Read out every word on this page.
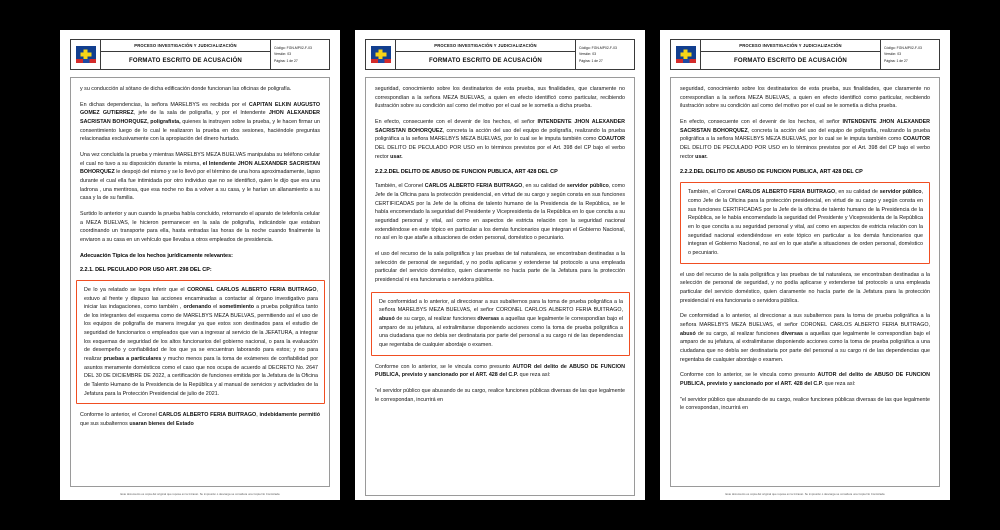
PROCESO INVESTIGACIÓN Y JUDICIALIZACIÓN
FORMATO ESCRITO DE ACUSACIÓN
Código: FGN-MP02-F-03
Versión: 03
Página: 1 de 27

y su conducción al sótano de dicha edificación donde funcionan las oficinas de poligrafía.

En dichas dependencias, la señora MARELBYS es recibida por el CAPITAN ELKIN AUGUSTO GOMEZ GUTIERREZ, jefe de la sala de poligrafía, y por el Intendente JHON ALEXANDER SACRISTAN BOHORQUEZ, poligrafista, quienes la instruyen sobre la prueba, y le hacen firmar un consentimiento luego de lo cual le realizaron la prueba en dos sesiones, haciéndole preguntas relacionadas exclusivamente con la apropiación del dinero hurtado.

Una vez concluida la prueba y mientras MARELBYS MEZA BUELVAS manipulaba su teléfono celular el cual no tuvo a su disposición durante la misma, el Intendente JHON ALEXANDER SACRISTAN BOHORQUEZ le despojó del mismo y se lo llevó por el término de una hora aproximadamente, lapso durante el cual ella fue intimidada por otro individuo que no se identificó, quien le dijo que era una ladrona , una mentirosa, que esa noche no iba a volver a su casa, y le harían un allanamiento a su casa y la de su familia.

Surtido lo anterior y aun cuando la prueba había concluido, retornando el aparato de telefonía celular a MEZA BUELVAS, le hicieron permanecer en la sala de poligrafía, indicándole que estaban coordinando un transporte para ella, hasta entradas las horas de la noche cuando finalmente la enviaron a su casa en un vehículo que llevaba a otros empleados de presidencia.

Adecuación Típica de los hechos jurídicamente relevantes:

2.2.1. DEL PECULADO POR USO ART. 298 DEL CP:

De lo ya relatado se logra inferir que el CORONEL CARLOS ALBERTO FERIA BUITRAGO, estuvo al frente y dispuso las acciones encaminadas a contactar al órgano investigativo para iniciar las indagaciones, como también , ordenando el sometimiento a prueba poligráfica tanto de los integrantes del esquema como de MARELBYS MEZA BUELVAS, permitiendo así el uso de los equipos de poligrafía de manera irregular ya que estos son destinados para el estudio de seguridad de funcionarios o empleados que van a ingresar al servicio de la JEFATURA, a integrar los esquemas de seguridad de los altos funcionarios del gobierno nacional, o para la evaluación de desempeño y confiabilidad de los que ya se encuentran laborando para estos; y no para realizar pruebas a particulares y mucho menos para la toma de exámenes de confiabilidad por asuntos meramente domésticos como el caso que nos ocupa de acuerdo al DECRETO No. 2647 DEL 30 DE DICIEMBRE DE 2022, a certificación de funciones emitida por la Jefatura de la Oficina de Talento Humano de la Presidencia de la República y al manual de servicios y actividades de la Jefatura para la Protección Presidencial de julio de 2021.

Conforme lo anterior, el Coronel CARLOS ALBERTO FERIA BUITRAGO, indebidamente permitió que sus subalternos usaran bienes del Estado

Este documento es copia del original que reposa en la Intranet. Su impresión o descarga se considera una Copia No Controlada
PROCESO INVESTIGACIÓN Y JUDICIALIZACIÓN
FORMATO ESCRITO DE ACUSACIÓN
Código: FGN-MP02-F-03
Versión: 03
Página: 1 de 27

seguridad, conocimiento sobre los destinatarios de esta prueba, sus finalidades, que claramente no correspondían a la señora MEZA BUELVAS, a quien en efecto identificó como particular, recibiendo ilustración sobre su condición así como del motivo por el cual se le sometía a dicha prueba.

En efecto, consecuente con el devenir de los hechos, el señor INTENDENTE JHON ALEXANDER SACRISTAN BOHORQUEZ, concreta la acción del uso del equipo de poligrafía, realizando la prueba poligráfica a la señora MARELBYS MEZA BUELVAS, por lo cual se le imputa también como COAUTOR DEL DELITO DE PECULADO POR USO en lo términos previstos por el Art. 398 del CP bajo el verbo rector usar.

2.2.2.DEL DELITO DE ABUSO DE FUNCION PUBLICA, ART 428 DEL CP

También, el Coronel CARLOS ALBERTO FERIA BUITRAGO, en su calidad de servidor público, como Jefe de la Oficina para la protección presidencial, en virtud de su cargo y según consta en sus funciones CERTIFICADAS por la Jefe de la oficina de talento humano de la Presidencia de la República, se le había encomendado la seguridad del Presidente y Vicepresidenta de la República en lo que concita a su seguridad personal y vital, así como en aspectos de estricta relación con la seguridad nacional extendiéndose en este tópico en particular a los demás funcionarios que integran el Gobierno Nacional, no así en lo que atañe a situaciones de orden personal, doméstico o pecuniario.

el uso del recurso de la sala poligráfica y las pruebas de tal naturaleza, se encontraban destinadas a la selección de personal de seguridad, y no podía aplicarse y extenderse tal protocolo a una empleada particular del servicio doméstico, quien claramente no hacía parte de la Jefatura para la protección presidencial ni era funcionaria o servidora pública.

De conformidad a lo anterior, al direccionar a sus subalternos para la toma de prueba poligráfica a la señora MARELBYS MEZA BUELVAS, el señor CORONEL CARLOS ALBERTO FERIA BUITRAGO, abusó de su cargo, al realizar funciones diversas a aquellas que legalmente le correspondían bajo el amparo de su jefatura, al extralimitarse disponiendo acciones como la toma de prueba poligráfica a una ciudadana que no debía ser destinataria por parte del personal a su cargo ni de las dependencias que regentaba de cualquier abordaje o examen.

Conforme con lo anterior, se le vincula como presunto AUTOR del delito de ABUSO DE FUNCION PUBLICA, previsto y sancionado por el ART. 428 del C.P. que reza así:

"el servidor público que abusando de su cargo, realice funciones públicas diversas de las que legalmente le correspondan, incurrirá en

PROCESO INVESTIGACIÓN Y JUDICIALIZACIÓN
FORMATO ESCRITO DE ACUSACIÓN
Código: FGN-MP02-F-03
Versión: 03
Página: 1 de 27

seguridad, conocimiento sobre los destinatarios de esta prueba, sus finalidades, que claramente no correspondían a la señora MEZA BUELVAS, a quien en efecto identificó como particular, recibiendo ilustración sobre su condición así como del motivo por el cual se le sometía a dicha prueba.

En efecto, consecuente con el devenir de los hechos, el señor INTENDENTE JHON ALEXANDER SACRISTAN BOHORQUEZ, concreta la acción del uso del equipo de poligrafía, realizando la prueba poligráfica a la señora MARELBYS MEZA BUELVAS, por lo cual se le imputa también como COAUTOR DEL DELITO DE PECULADO POR USO en lo términos previstos por el Art. 398 del CP bajo el verbo rector usar.

2.2.2.DEL DELITO DE ABUSO DE FUNCION PUBLICA, ART 428 DEL CP

También, el Coronel CARLOS ALBERTO FERIA BUITRAGO, en su calidad de servidor público, como Jefe de la Oficina para la protección presidencial, en virtud de su cargo y según consta en sus funciones CERTIFICADAS por la Jefe de la oficina de talento humano de la Presidencia de la República, se le había encomendado la seguridad del Presidente y Vicepresidenta de la República en lo que concita a su seguridad personal y vital, así como en aspectos de estricta relación con la seguridad nacional extendiéndose en este tópico en particular a los demás funcionarios que integran el Gobierno Nacional, no así en lo que atañe a situaciones de orden personal, doméstico o pecuniario.

el uso del recurso de la sala poligráfica y las pruebas de tal naturaleza, se encontraban destinadas a la selección de personal de seguridad, y no podía aplicarse y extenderse tal protocolo a una empleada particular del servicio doméstico, quien claramente no hacía parte de la Jefatura para la protección presidencial ni era funcionaria o servidora pública.

De conformidad a lo anterior, al direccionar a sus subalternos para la toma de prueba poligráfica a la señora MARELBYS MEZA BUELVAS, el señor CORONEL CARLOS ALBERTO FERIA BUITRAGO, abusó de su cargo, al realizar funciones diversas a aquellas que legalmente le correspondían bajo el amparo de su jefatura, al extralimitarse disponiendo acciones como la toma de prueba poligráfica a una ciudadana que no debía ser destinataria por parte del personal a su cargo ni de las dependencias que regentaba de cualquier abordaje o examen.

Conforme con lo anterior, se le vincula como presunto AUTOR del delito de ABUSO DE FUNCION PUBLICA, previsto y sancionado por el ART. 428 del C.P. que reza así:

"el servidor público que abusando de su cargo, realice funciones públicas diversas de las que legalmente le correspondan, incurrirá en

Este documento es copia del original que reposa en la Intranet. Su impresión o descarga se considera una Copia No Controlada
